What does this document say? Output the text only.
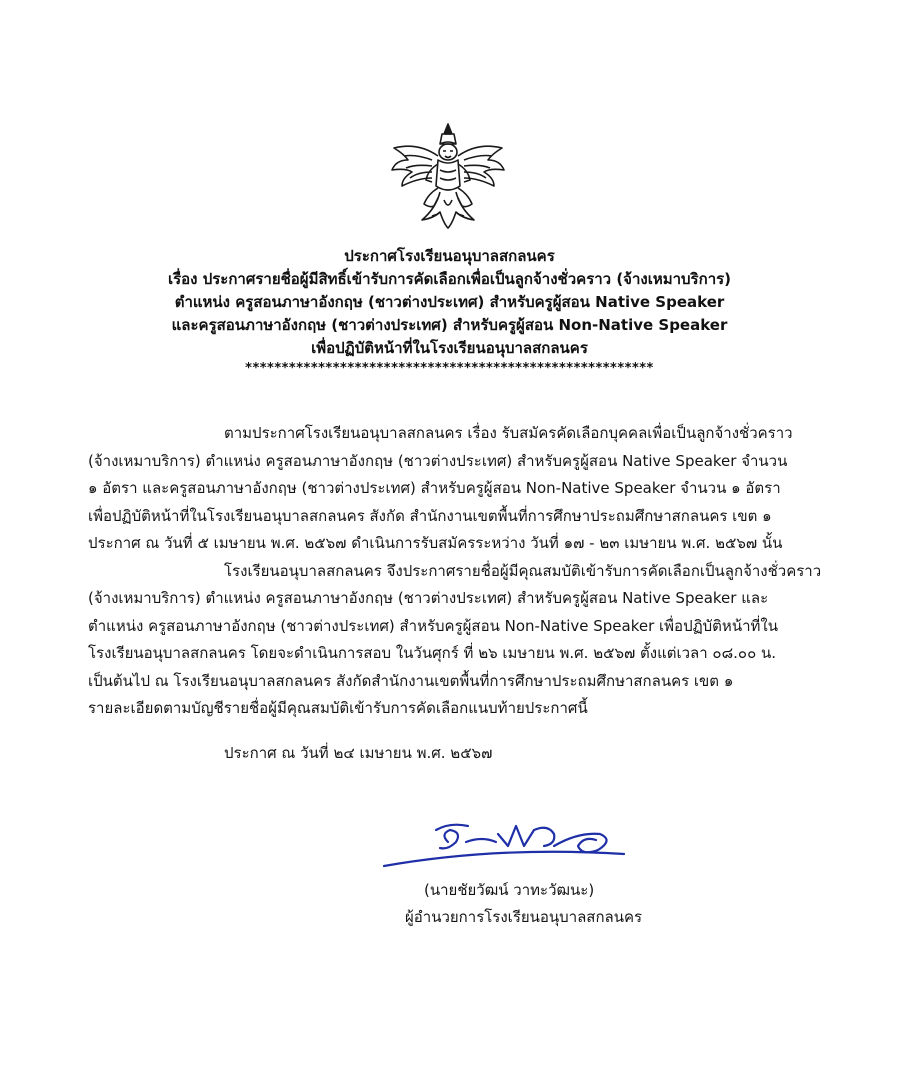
ประกาศโรงเรียนอนุบาลสกลนคร
เรื่อง ประกาศรายชื่อผู้มีสิทธิ์เข้ารับการคัดเลือกเพื่อเป็นลูกจ้างชั่วคราว (จ้างเหมาบริการ)
ตำแหน่ง ครูสอนภาษาอังกฤษ (ชาวต่างประเทศ) สำหรับครูผู้สอน Native Speaker
และครูสอนภาษาอังกฤษ (ชาวต่างประเทศ) สำหรับครูผู้สอน Non-Native Speaker
เพื่อปฏิบัติหน้าที่ในโรงเรียนอนุบาลสกลนคร
********************************************************
ตามประกาศโรงเรียนอนุบาลสกลนคร เรื่อง รับสมัครคัดเลือกบุคคลเพื่อเป็นลูกจ้างชั่วคราว
(จ้างเหมาบริการ) ตำแหน่ง ครูสอนภาษาอังกฤษ (ชาวต่างประเทศ) สำหรับครูผู้สอน Native Speaker จำนวน
๑ อัตรา และครูสอนภาษาอังกฤษ (ชาวต่างประเทศ) สำหรับครูผู้สอน Non-Native Speaker จำนวน ๑ อัตรา
เพื่อปฏิบัติหน้าที่ในโรงเรียนอนุบาลสกลนคร สังกัด สำนักงานเขตพื้นที่การศึกษาประถมศึกษาสกลนคร เขต ๑
ประกาศ ณ วันที่ ๕ เมษายน พ.ศ. ๒๕๖๗ ดำเนินการรับสมัครระหว่าง วันที่ ๑๗ - ๒๓ เมษายน พ.ศ. ๒๕๖๗ นั้น
โรงเรียนอนุบาลสกลนคร จึงประกาศรายชื่อผู้มีคุณสมบัติเข้ารับการคัดเลือกเป็นลูกจ้างชั่วคราว
(จ้างเหมาบริการ) ตำแหน่ง ครูสอนภาษาอังกฤษ (ชาวต่างประเทศ) สำหรับครูผู้สอน Native Speaker และ
ตำแหน่ง ครูสอนภาษาอังกฤษ (ชาวต่างประเทศ) สำหรับครูผู้สอน Non-Native Speaker เพื่อปฏิบัติหน้าที่ใน
โรงเรียนอนุบาลสกลนคร โดยจะดำเนินการสอบ ในวันศุกร์ ที่ ๒๖ เมษายน พ.ศ. ๒๕๖๗ ตั้งแต่เวลา ๐๘.๐๐ น.
เป็นต้นไป ณ โรงเรียนอนุบาลสกลนคร สังกัดสำนักงานเขตพื้นที่การศึกษาประถมศึกษาสกลนคร เขต ๑
รายละเอียดตามบัญชีรายชื่อผู้มีคุณสมบัติเข้ารับการคัดเลือกแนบท้ายประกาศนี้
ประกาศ ณ วันที่ ๒๔ เมษายน พ.ศ. ๒๕๖๗
(นายชัยวัฒน์ วาทะวัฒนะ)
ผู้อำนวยการโรงเรียนอนุบาลสกลนคร
